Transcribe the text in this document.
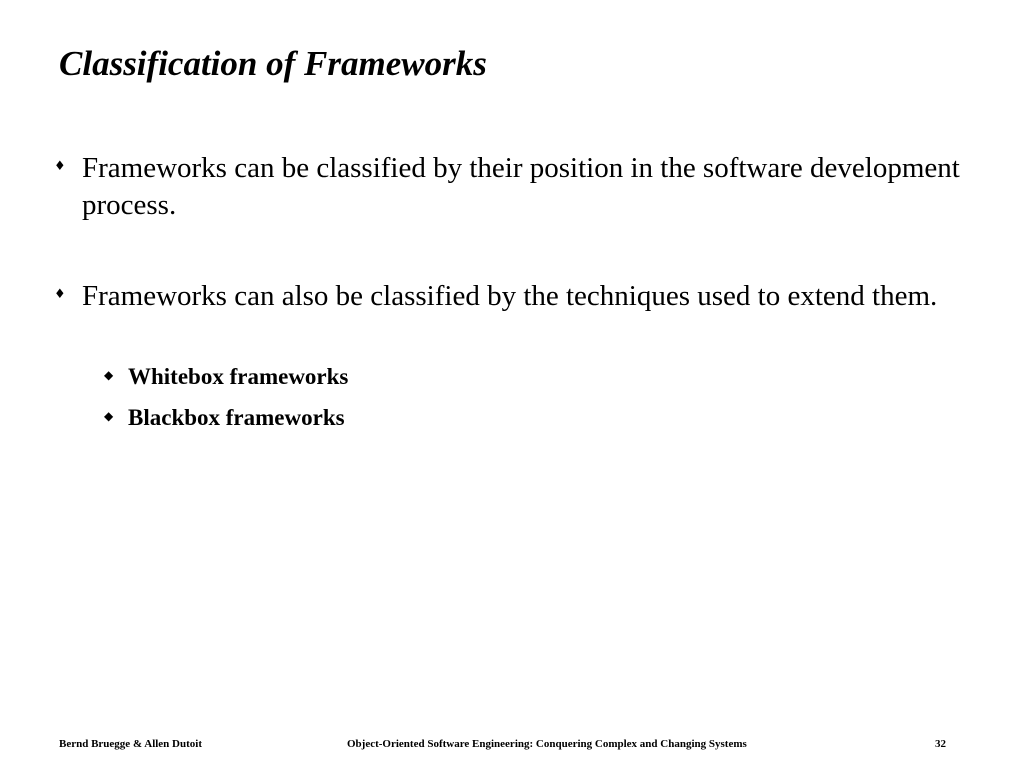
Classification of Frameworks
♦ Frameworks can be classified by their position in the software development process.
♦ Frameworks can also be classified by the techniques used to extend them.
◆ Whitebox frameworks
◆ Blackbox frameworks
Bernd Bruegge & Allen Dutoit	Object-Oriented Software Engineering: Conquering Complex and Changing Systems	32
